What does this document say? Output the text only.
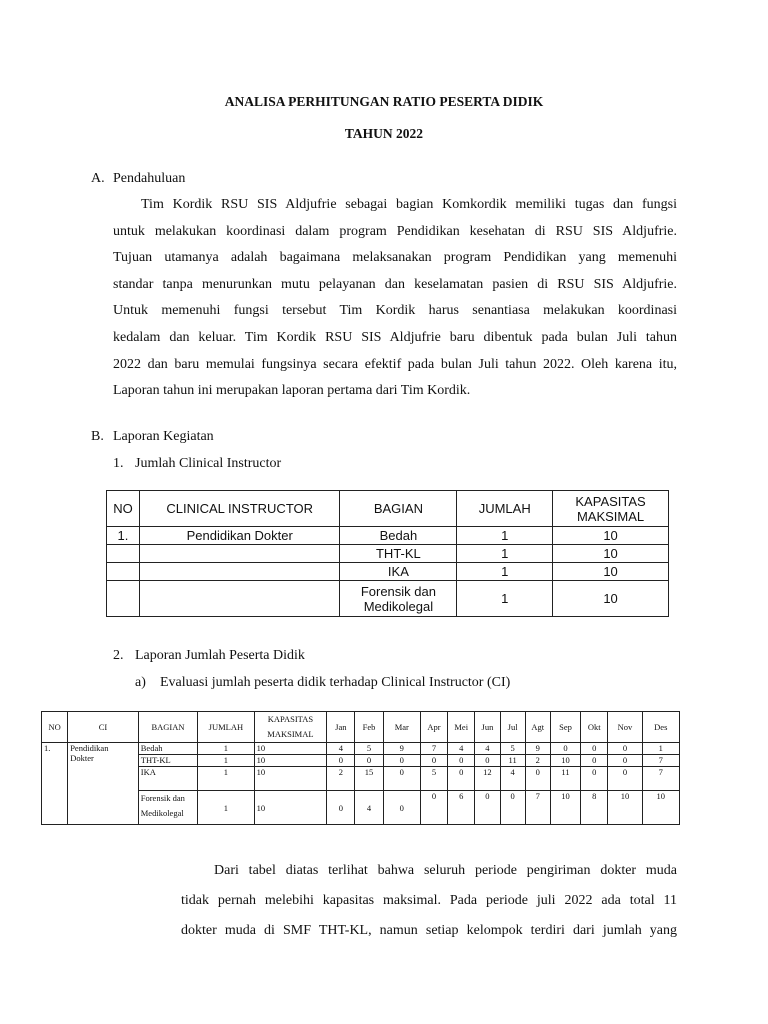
ANALISA PERHITUNGAN RATIO PESERTA DIDIK
TAHUN 2022
A. Pendahuluan
Tim Kordik RSU SIS Aldjufrie sebagai bagian Komkordik memiliki tugas dan fungsi
untuk melakukan koordinasi dalam program Pendidikan kesehatan di RSU SIS Aldjufrie.
Tujuan utamanya adalah bagaimana melaksanakan program Pendidikan yang memenuhi
standar tanpa menurunkan mutu pelayanan dan keselamatan pasien di RSU SIS Aldjufrie.
Untuk memenuhi fungsi tersebut Tim Kordik harus senantiasa melakukan koordinasi
kedalam dan keluar. Tim Kordik RSU SIS Aldjufrie baru dibentuk pada bulan Juli tahun
2022 dan baru memulai fungsinya secara efektif pada bulan Juli tahun 2022. Oleh karena itu,
Laporan tahun ini merupakan laporan pertama dari Tim Kordik.
B. Laporan Kegiatan
1. Jumlah Clinical Instructor
NO	CLINICAL INSTRUCTOR	BAGIAN	JUMLAH	KAPASITAS
MAKSIMAL
1.	Pendidikan Dokter	Bedah	1	10
		THT-KL	1	10
		IKA	1	10
		Forensik dan
Medikolegal	1	10
2. Laporan Jumlah Peserta Didik
a) Evaluasi jumlah peserta didik terhadap Clinical Instructor (CI)
NO	CI	BAGIAN	JUMLAH	KAPASITAS
MAKSIMAL	Jan	Feb	Mar	Apr	Mei	Jun	Jul	Agt	Sep	Okt	Nov	Des
1.	Pendidikan
Dokter	Bedah	1	10	4	5	9	7	4	4	5	9	0	0	0	1
		THT-KL	1	10	0	0	0	0	0	0	11	2	10	0	0	7
		IKA	1	10	2	15	0	5	0	12	4	0	11	0	0	7
		Forensik dan
Medikolegal	1	10	0	4	0	0	6	0	0	7	10	8	10	10
Dari tabel diatas terlihat bahwa seluruh periode pengiriman dokter muda
tidak pernah melebihi kapasitas maksimal. Pada periode juli 2022 ada total 11
dokter muda di SMF THT-KL, namun setiap kelompok terdiri dari jumlah yang
